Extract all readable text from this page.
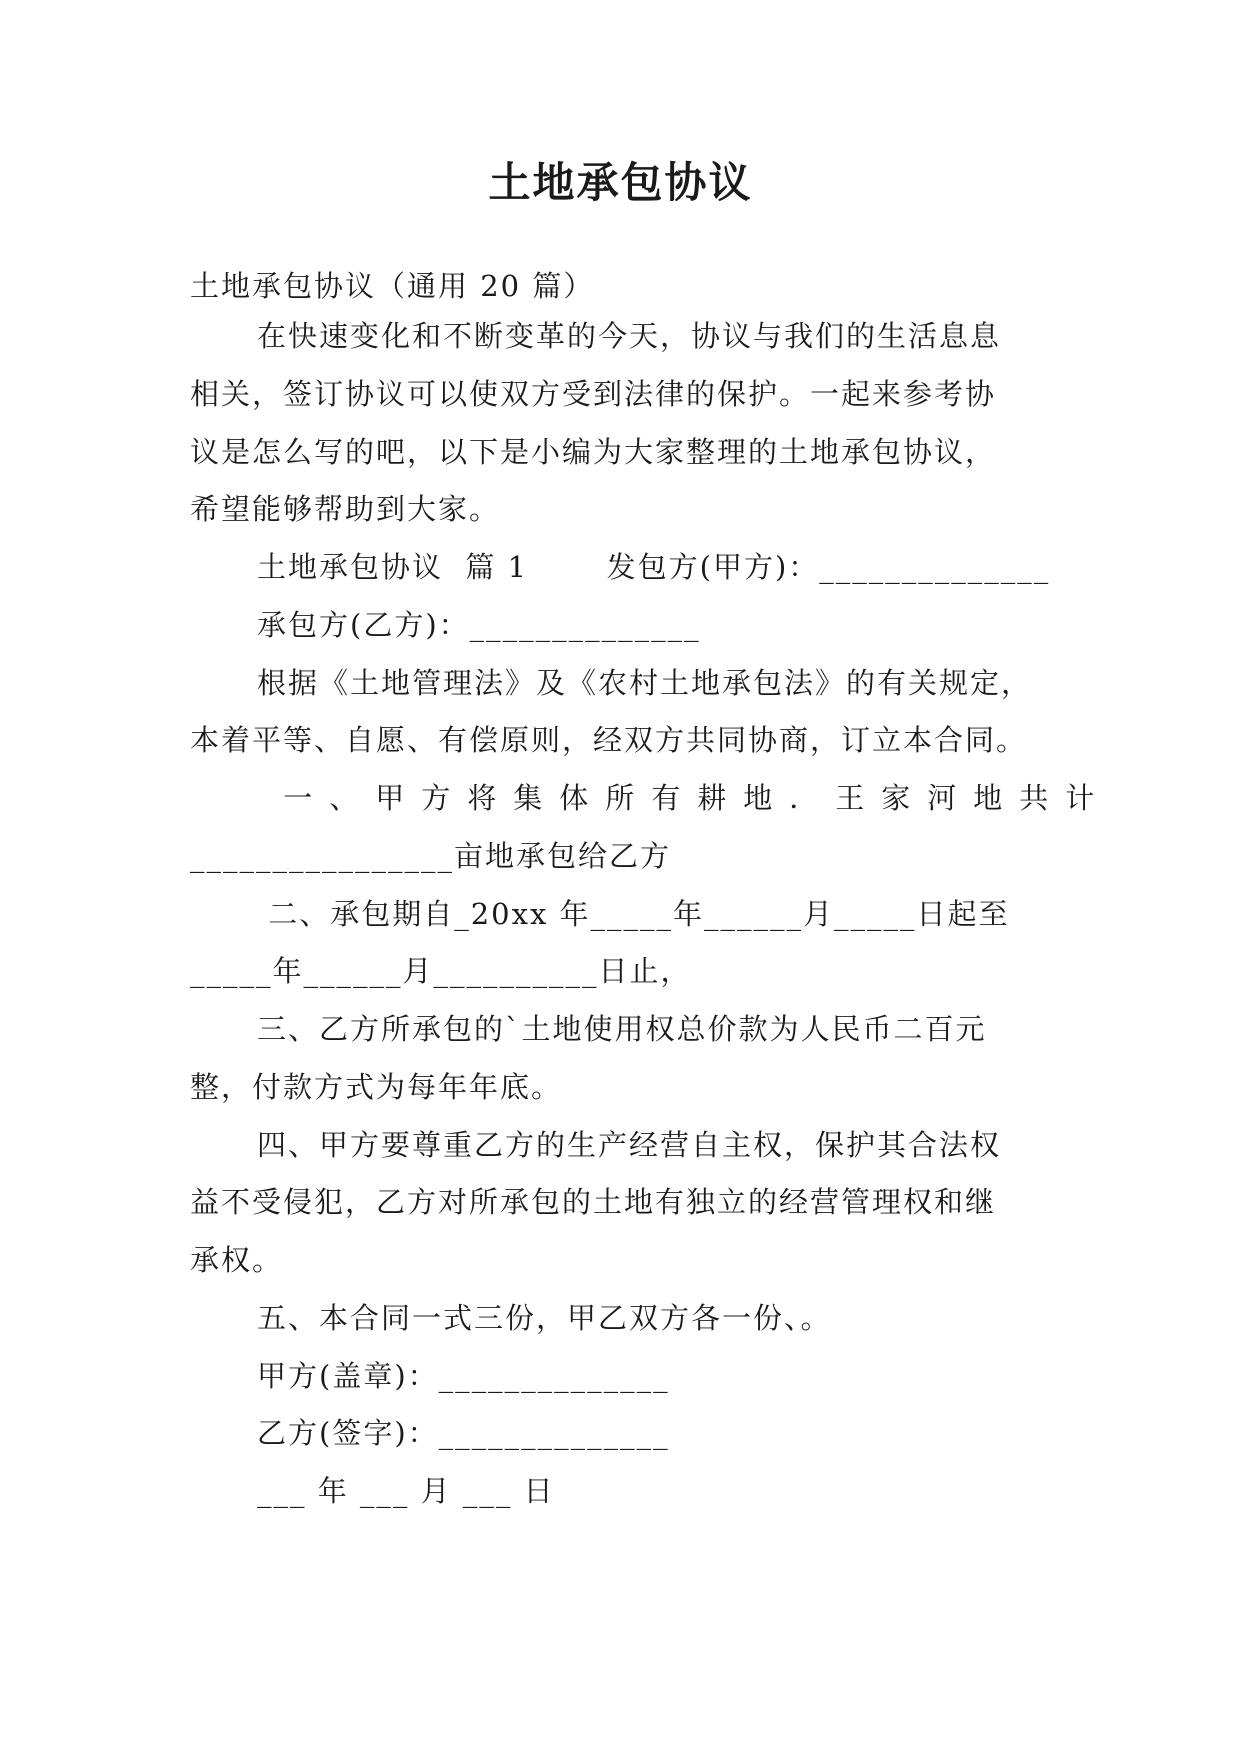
土地承包协议
土地承包协议（通用 20 篇）
在快速变化和不断变革的今天，协议与我们的生活息息
相关，签订协议可以使双方受到法律的保护。一起来参考协
议是怎么写的吧，以下是小编为大家整理的土地承包协议，
希望能够帮助到大家。
土地承包协议  篇 1       发包方(甲方)：______________
承包方(乙方)：______________
根据《土地管理法》及《农村土地承包法》的有关规定，
本着平等、自愿、有偿原则，经双方共同协商，订立本合同。
一、甲方将集体所有耕地．王家河地共计
________________亩地承包给乙方
二、承包期自_20xx 年_____年______月_____日起至
_____年______月__________日止，
三、乙方所承包的`土地使用权总价款为人民币二百元
整，付款方式为每年年底。
四、甲方要尊重乙方的生产经营自主权，保护其合法权
益不受侵犯，乙方对所承包的土地有独立的经营管理权和继
承权。
五、本合同一式三份，甲乙双方各一份、。
甲方(盖章)：______________
乙方(签字)：______________
___ 年 ___ 月 ___ 日
